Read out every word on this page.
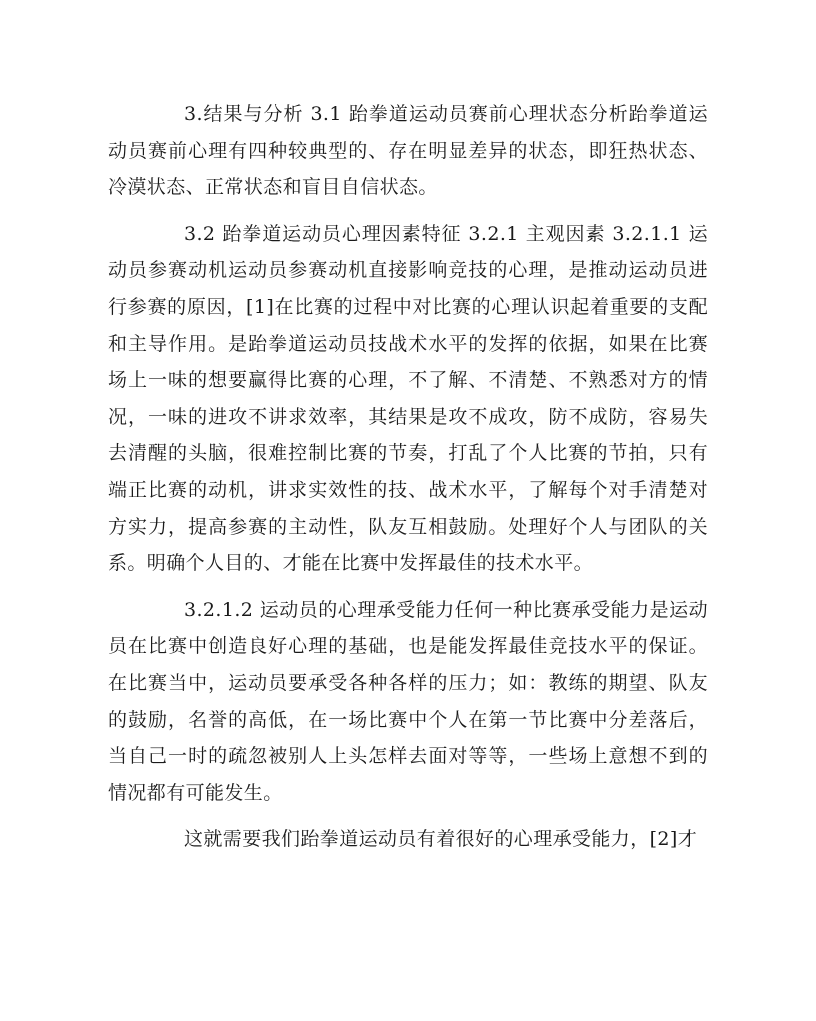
3.结果与分析 3.1 跆拳道运动员赛前心理状态分析跆拳道运动员赛前心理有四种较典型的、存在明显差异的状态，即狂热状态、冷漠状态、正常状态和盲目自信状态。

3.2 跆拳道运动员心理因素特征 3.2.1 主观因素 3.2.1.1 运动员参赛动机运动员参赛动机直接影响竞技的心理，是推动运动员进行参赛的原因，[1]在比赛的过程中对比赛的心理认识起着重要的支配和主导作用。是跆拳道运动员技战术水平的发挥的依据，如果在比赛场上一味的想要赢得比赛的心理，不了解、不清楚、不熟悉对方的情况，一味的进攻不讲求效率，其结果是攻不成攻，防不成防，容易失去清醒的头脑，很难控制比赛的节奏，打乱了个人比赛的节拍，只有端正比赛的动机，讲求实效性的技、战术水平，了解每个对手清楚对方实力，提高参赛的主动性，队友互相鼓励。处理好个人与团队的关系。明确个人目的、才能在比赛中发挥最佳的技术水平。

3.2.1.2 运动员的心理承受能力任何一种比赛承受能力是运动员在比赛中创造良好心理的基础，也是能发挥最佳竞技水平的保证。在比赛当中，运动员要承受各种各样的压力；如：教练的期望、队友的鼓励，名誉的高低，在一场比赛中个人在第一节比赛中分差落后，当自己一时的疏忽被别人上头怎样去面对等等，一些场上意想不到的情况都有可能发生。

这就需要我们跆拳道运动员有着很好的心理承受能力，[2]才
